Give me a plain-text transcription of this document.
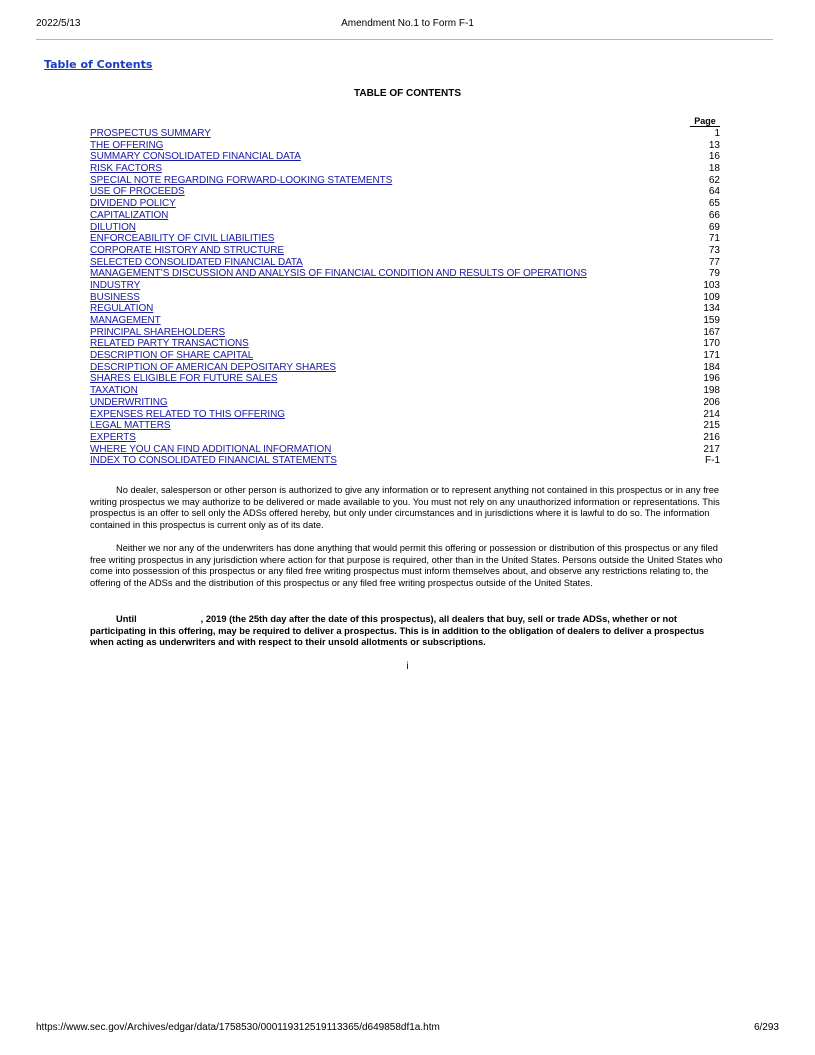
2022/5/13	Amendment No.1 to Form F-1
Table of Contents
TABLE OF CONTENTS
Page
PROSPECTUS SUMMARY	1
THE OFFERING	13
SUMMARY CONSOLIDATED FINANCIAL DATA	16
RISK FACTORS	18
SPECIAL NOTE REGARDING FORWARD-LOOKING STATEMENTS	62
USE OF PROCEEDS	64
DIVIDEND POLICY	65
CAPITALIZATION	66
DILUTION	69
ENFORCEABILITY OF CIVIL LIABILITIES	71
CORPORATE HISTORY AND STRUCTURE	73
SELECTED CONSOLIDATED FINANCIAL DATA	77
MANAGEMENT’S DISCUSSION AND ANALYSIS OF FINANCIAL CONDITION AND RESULTS OF OPERATIONS	79
INDUSTRY	103
BUSINESS	109
REGULATION	134
MANAGEMENT	159
PRINCIPAL SHAREHOLDERS	167
RELATED PARTY TRANSACTIONS	170
DESCRIPTION OF SHARE CAPITAL	171
DESCRIPTION OF AMERICAN DEPOSITARY SHARES	184
SHARES ELIGIBLE FOR FUTURE SALES	196
TAXATION	198
UNDERWRITING	206
EXPENSES RELATED TO THIS OFFERING	214
LEGAL MATTERS	215
EXPERTS	216
WHERE YOU CAN FIND ADDITIONAL INFORMATION	217
INDEX TO CONSOLIDATED FINANCIAL STATEMENTS	F-1

No dealer, salesperson or other person is authorized to give any information or to represent anything not contained in this prospectus or in any free writing prospectus we may authorize to be delivered or made available to you. You must not rely on any unauthorized information or representations. This prospectus is an offer to sell only the ADSs offered hereby, but only under circumstances and in jurisdictions where it is lawful to do so. The information contained in this prospectus is current only as of its date.

Neither we nor any of the underwriters has done anything that would permit this offering or possession or distribution of this prospectus or any filed free writing prospectus in any jurisdiction where action for that purpose is required, other than in the United States. Persons outside the United States who come into possession of this prospectus or any filed free writing prospectus must inform themselves about, and observe any restrictions relating to, the offering of the ADSs and the distribution of this prospectus or any filed free writing prospectus outside of the United States.

Until	, 2019 (the 25th day after the date of this prospectus), all dealers that buy, sell or trade ADSs, whether or not participating in this offering, may be required to deliver a prospectus. This is in addition to the obligation of dealers to deliver a prospectus when acting as underwriters and with respect to their unsold allotments or subscriptions.

i
https://www.sec.gov/Archives/edgar/data/1758530/000119312519113365/d649858df1a.htm	6/293
